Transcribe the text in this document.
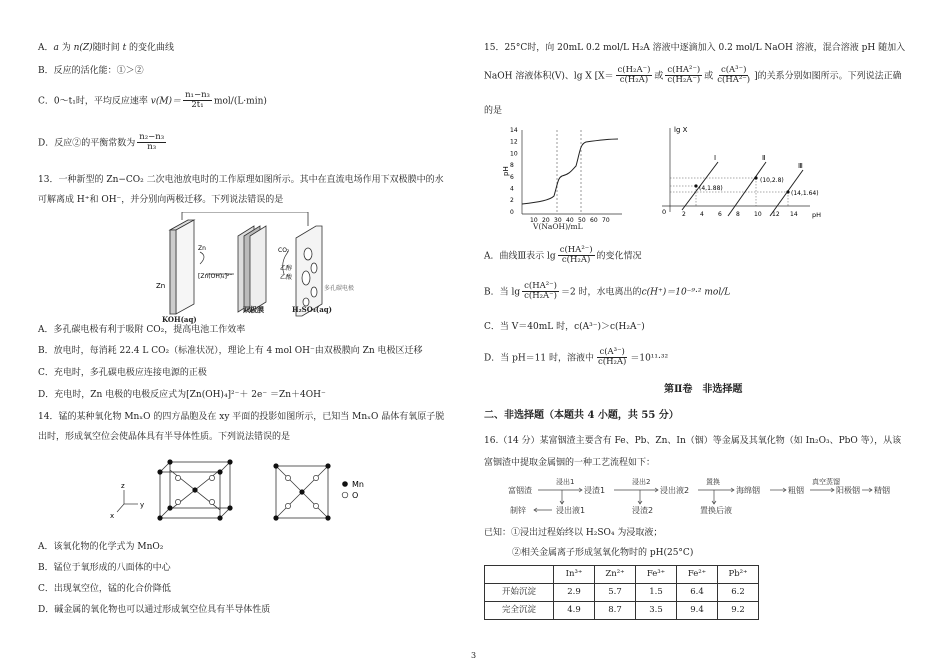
A．a 为 n(Z)随时间 t 的变化曲线
B．反应的活化能：①＞②
C．0～t₁时，平均反应速率 $v(M)= \frac{\text{n₁−n₃}}{\text{2t₁}} mol/(L\cdot\min)$
D．反应②的平衡常数为 $\frac{\text{n₂−n₃}}{\text{n₃}}$
13．一种新型的 Zn−CO₂ 二次电池放电时的工作原理如图所示。其中在直流电场作用下双极膜中的水
可解离成 H⁺和 OH⁻，并分别向两极迁移。下列说法错误的是
Zn
Zn
[Zn(OH)₄]²⁻
CO₂
乙醇
乙酸
多孔碳电极
KOH(aq)
双极膜	H₂SO₄(aq)
A．多孔碳电极有利于吸附 CO₂，提高电池工作效率
B．放电时，每消耗 22.4 L CO₂（标准状况），理论上有 4 mol OH⁻由双极膜向 Zn 电极区迁移
C．充电时，多孔碳电极应连接电源的正极
D．充电时，Zn 电极的电极反应式为[Zn(OH)₄]²⁻＋ 2e⁻ ＝Zn＋4OH⁻
14．锰的某种氧化物 MnₓO 的四方晶胞及在 xy 平面的投影如图所示，已知当 MnₓO 晶体有氧原子脱
出时，形成氧空位会使晶体具有半导体性质。下列说法错误的是
z
y
x
Mn
O
A．该氧化物的化学式为 MnO₂
B．锰位于氧形成的八面体的中心
C．出现氧空位，锰的化合价降低
D．碱金属的氧化物也可以通过形成氧空位具有半导体性质
15．25°C时，向 20mL 0.2 mol/L H₂A 溶液中逐滴加入 0.2 mol/L NaOH 溶液，混合溶液 pH 随加入
NaOH 溶液体积(V)、lg X [$X= \frac{\text{c(H₂A⁻)}}{\text{c(H₂A)}}$ 或 $\frac{\text{c(HA²⁻)}}{\text{c(H₂A⁻)}}$ 或 $\frac{\text{c(A³⁻)}}{\text{c(HA²⁻)}}$ ]的关系分别如图所示。下列说法正确
的是
pH
14
12
10
8
6
4
2
0
10 20 30 40 50 60 70
V(NaOH)/mL
lg X
0	2 4 6 8 10 12 14
Ⅰ	Ⅱ
Ⅲ
(4,1.88)
(10,2.8)
(14,1.64)
pH
A．曲线Ⅲ表示 $\lg \frac{\text{c(HA²⁻)}}{\text{c(H₂A)}}$ 的变化情况
B．当 $\lg \frac{\text{c(HA²⁻)}}{\text{c(H₂A⁻)}} =2$ 时，水电离出的c(H⁺)＝10⁻⁹·² mol/L
C．当 V＝40mL 时，c(A³⁻)＞c(H₂A⁻)
D．当 pH＝11 时，溶液中 $\frac{\text{c(A³⁻)}}{\text{c(H₂A)}} =10^{11}\cdot^{32}$
第Ⅱ卷　非选择题
二、非选择题（本题共 4 小题，共 55 分）
16.（14 分）某富铟渣主要含有 Fe、Pb、Zn、In（铟）等金属及其氧化物（如 In₂O₃、PbO 等），从该
富铟渣中提取金属铟的一种工艺流程如下：
富铟渣
浸出1
浸渣1
浸出2
浸出液2
置换
海绵铟	粗铟
真空蒸馏
阳极铟 精铟
制锌	浸出液1	浸渣2	置换后液
已知：①浸出过程始终以 H₂SO₄ 为浸取液；
②相关金属离子形成氢氧化物时的 pH(25°C)
	In³⁺	Zn²⁺	Fe³⁺	Fe²⁺	Pb²⁺
开始沉淀	2.9	5.7	1.5	6.4	6.2
完全沉淀	4.9	8.7	3.5	9.4	9.2
3
